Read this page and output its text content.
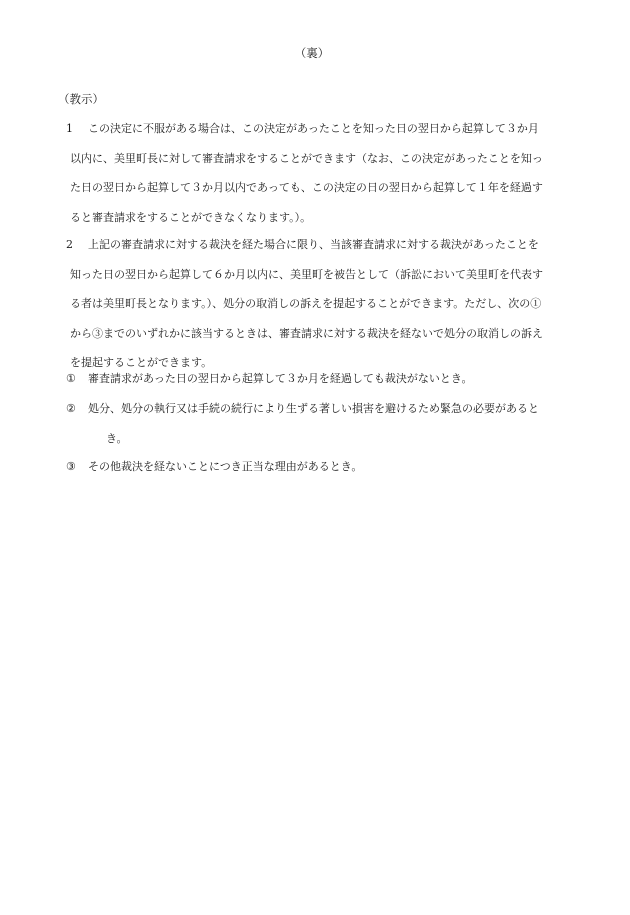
（裏）
（教示）
1 この決定に不服がある場合は、この決定があったことを知った日の翌日から起算して３か月
以内に、美里町長に対して審査請求をすることができます（なお、この決定があったことを知っ
た日の翌日から起算して３か月以内であっても、この決定の日の翌日から起算して１年を経過す
ると審査請求をすることができなくなります。）。
2 上記の審査請求に対する裁決を経た場合に限り、当該審査請求に対する裁決があったことを
知った日の翌日から起算して６か月以内に、美里町を被告として（訴訟において美里町を代表す
る者は美里町長となります。）、処分の取消しの訴えを提起することができます。ただし、次の①
から③までのいずれかに該当するときは、審査請求に対する裁決を経ないで処分の取消しの訴え
を提起することができます。
① 審査請求があった日の翌日から起算して３か月を経過しても裁決がないとき。
② 処分、処分の執行又は手続の続行により生ずる著しい損害を避けるため緊急の必要があると
き。
③ その他裁決を経ないことにつき正当な理由があるとき。
